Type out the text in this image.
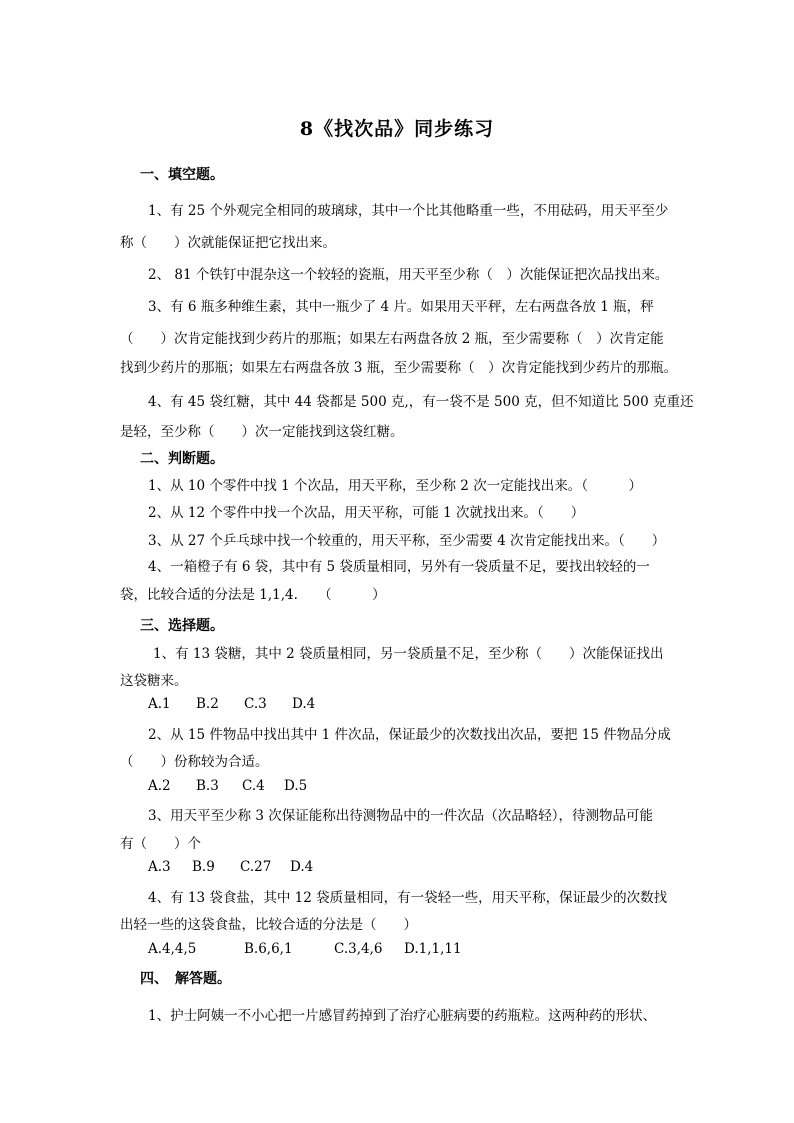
8《找次品》同步练习
一、填空题。
1、有 25 个外观完全相同的玻璃球，其中一个比其他略重一些，不用砝码，用天平至少
称（　　）次就能保证把它找出来。
2、 81 个铁钉中混杂这一个较轻的瓷瓶，用天平至少称（　）次能保证把次品找出来。
3、有 6 瓶多种维生素，其中一瓶少了 4 片。如果用天平秤，左右两盘各放 1 瓶，秤
（　　）次肯定能找到少药片的那瓶；如果左右两盘各放 2 瓶，至少需要称（　）次肯定能
找到少药片的那瓶；如果左右两盘各放 3 瓶，至少需要称（　）次肯定能找到少药片的那瓶。
4、有 45 袋红糖，其中 44 袋都是 500 克,，有一袋不是 500 克，但不知道比 500 克重还
是轻，至少称（　　）次一定能找到这袋红糖。
二、判断题。
1、从 10 个零件中找 1 个次品，用天平称，至少称 2 次一定能找出来。（　　　）
2、从 12 个零件中找一个次品，用天平称，可能 1 次就找出来。（　　）
3、从 27 个乒乓球中找一个较重的，用天平称，至少需要 4 次肯定能找出来。（　　）
4、一箱橙子有 6 袋，其中有 5 袋质量相同，另外有一袋质量不足，要找出较轻的一
袋，比较合适的分法是 1,1,4.　　（　　　）
三、选择题。
1、有 13 袋糖，其中 2 袋质量相同，另一袋质量不足，至少称（　　）次能保证找出
这袋糖来。
A.1 B.2 C.3 D.4
2、从 15 件物品中找出其中 1 件次品，保证最少的次数找出次品，要把 15 件物品分成
（　　）份称较为合适。
A.2 B.3 C.4 D.5
3、用天平至少称 3 次保证能称出待测物品中的一件次品（次品略轻），待测物品可能
有（　　）个
A.3 B.9 C.27 D.4
4、有 13 袋食盐，其中 12 袋质量相同，有一袋轻一些，用天平称，保证最少的次数找
出轻一些的这袋食盐，比较合适的分法是（　　）
A.4,4,5	B.6,6,1	C.3,4,6 D.1,1,11
四、　解答题。
1、护士阿姨一不小心把一片感冒药掉到了治疗心脏病要的药瓶粒。这两种药的形状、
